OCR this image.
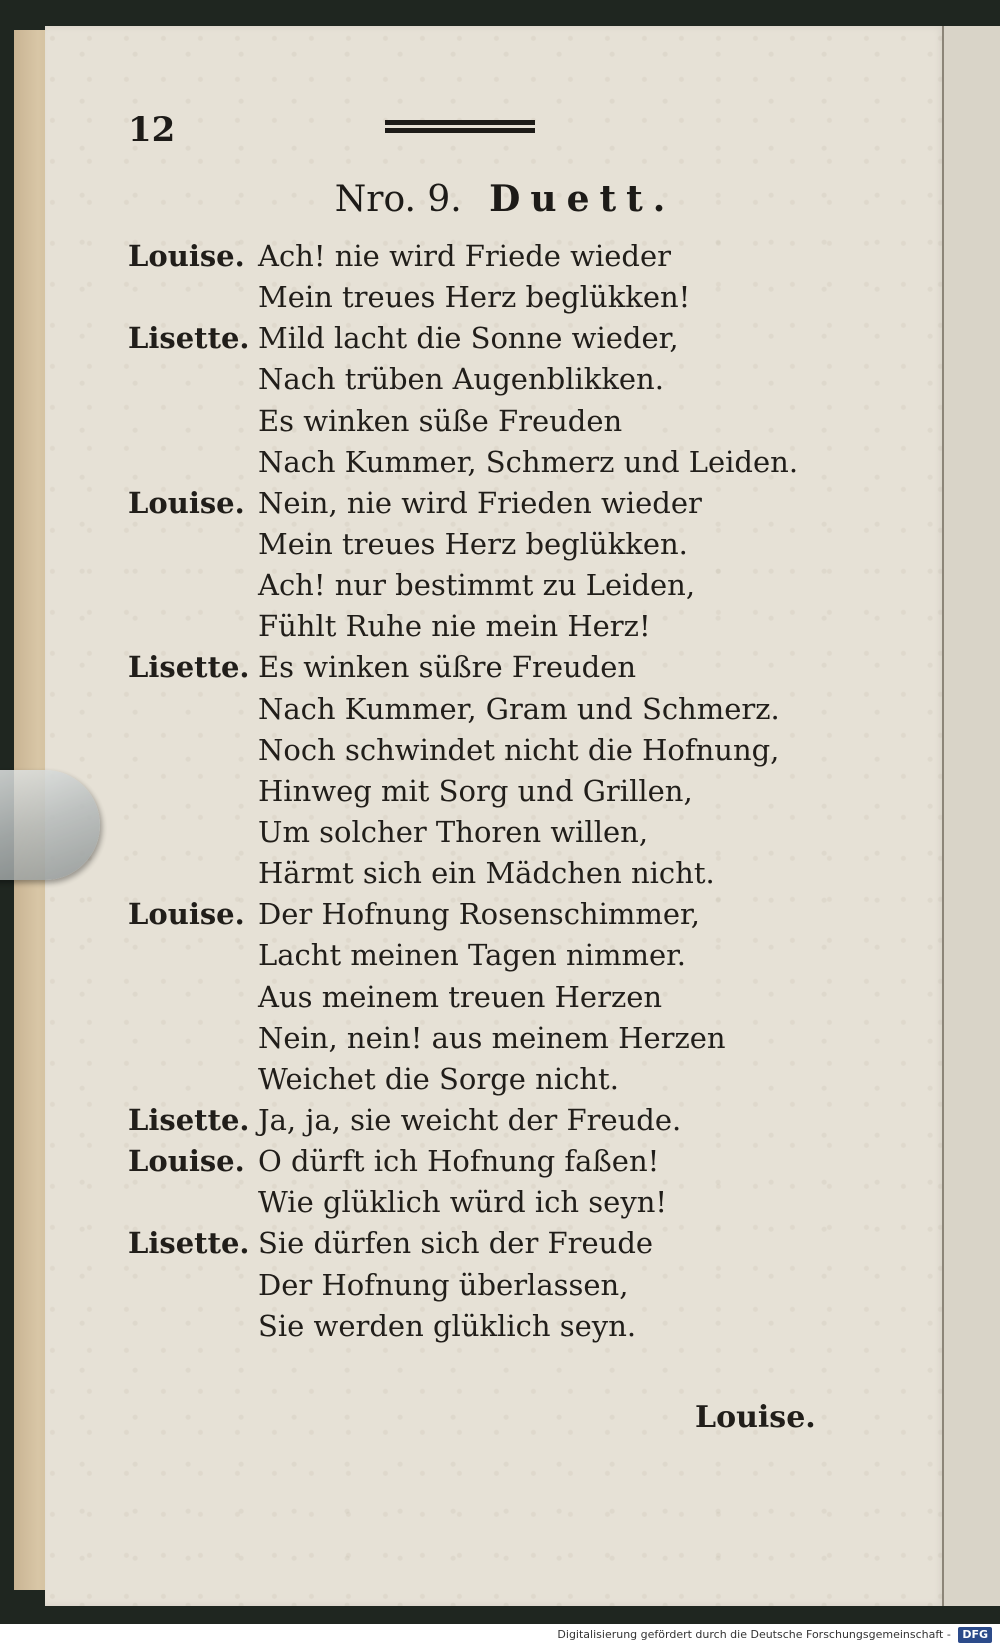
12
Nro. 9. Duett.
Louise. Ach! nie wird Friede wieder
Mein treues Herz beglükken!
Lisette. Mild lacht die Sonne wieder,
Nach trüben Augenblikken.
Es winken süße Freuden
Nach Kummer, Schmerz und Leiden.
Louise. Nein, nie wird Frieden wieder
Mein treues Herz beglükken.
Ach! nur bestimmt zu Leiden,
Fühlt Ruhe nie mein Herz!
Lisette. Es winken süßre Freuden
Nach Kummer, Gram und Schmerz.
Noch schwindet nicht die Hofnung,
Hinweg mit Sorg und Grillen,
Um solcher Thoren willen,
Härmt sich ein Mädchen nicht.
Louise. Der Hofnung Rosenschimmer,
Lacht meinen Tagen nimmer.
Aus meinem treuen Herzen
Nein, nein! aus meinem Herzen
Weichet die Sorge nicht.
Lisette. Ja, ja, sie weicht der Freude.
Louise. O dürft ich Hofnung faßen!
Wie glüklich würd ich seyn!
Lisette. Sie dürfen sich der Freude
Der Hofnung überlassen,
Sie werden glüklich seyn.
Louise.
Digitalisierung gefördert durch die Deutsche Forschungsgemeinschaft - DFG
